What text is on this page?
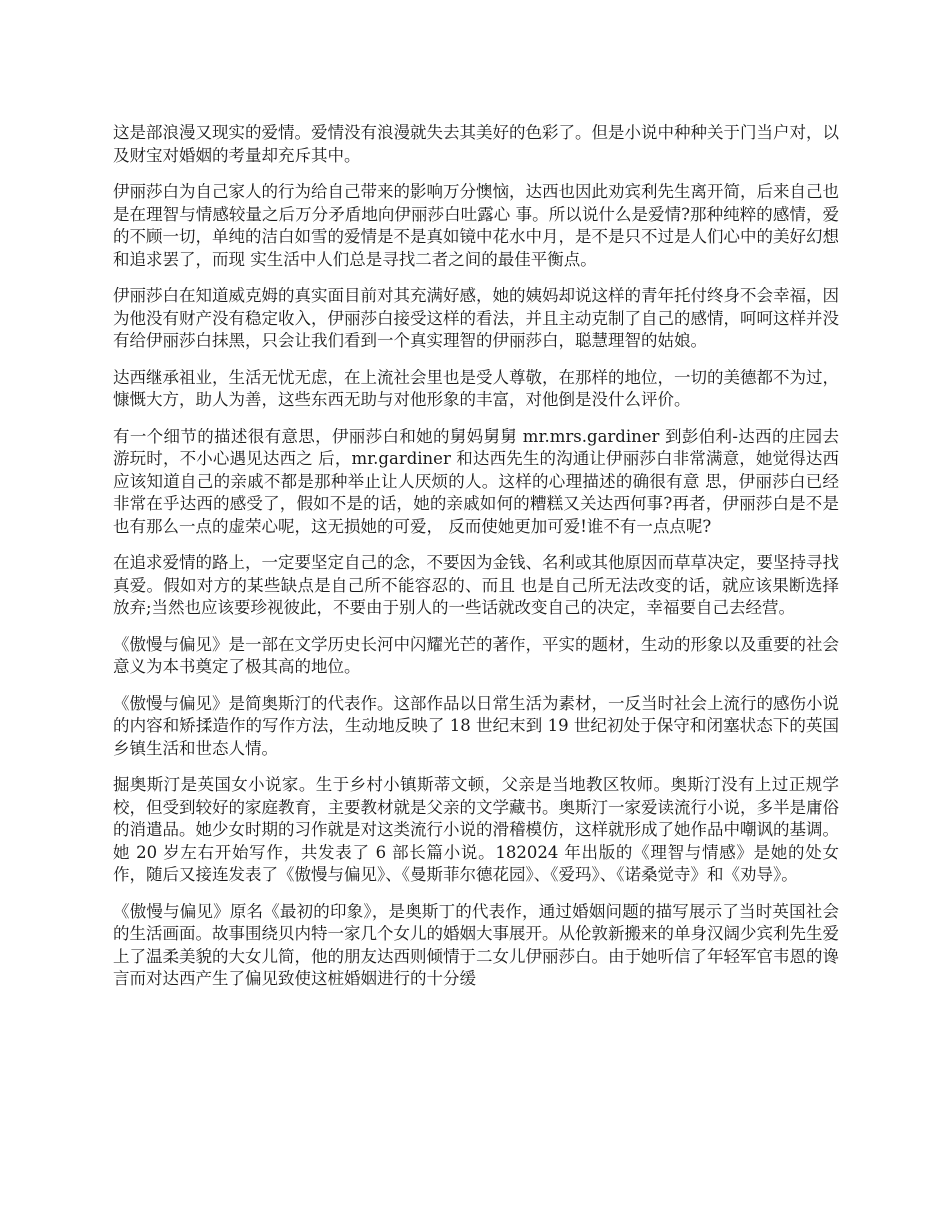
这是部浪漫又现实的爱情。爱情没有浪漫就失去其美好的色彩了。但是小说中种种关于门当户对，以及财宝对婚姻的考量却充斥其中。

伊丽莎白为自己家人的行为给自己带来的影响万分懊恼，达西也因此劝宾利先生离开简，后来自己也是在理智与情感较量之后万分矛盾地向伊丽莎白吐露心 事。所以说什么是爱情?那种纯粹的感情，爱的不顾一切，单纯的洁白如雪的爱情是不是真如镜中花水中月，是不是只不过是人们心中的美好幻想和追求罢了，而现 实生活中人们总是寻找二者之间的最佳平衡点。

伊丽莎白在知道威克姆的真实面目前对其充满好感，她的姨妈却说这样的青年托付终身不会幸福，因为他没有财产没有稳定收入，伊丽莎白接受这样的看法，并且主动克制了自己的感情，呵呵这样并没有给伊丽莎白抹黑，只会让我们看到一个真实理智的伊丽莎白，聪慧理智的姑娘。

达西继承祖业，生活无忧无虑，在上流社会里也是受人尊敬，在那样的地位，一切的美德都不为过，慷慨大方，助人为善，这些东西无助与对他形象的丰富，对他倒是没什么评价。

有一个细节的描述很有意思，伊丽莎白和她的舅妈舅舅 mr.mrs.gardiner 到彭伯利-达西的庄园去游玩时，不小心遇见达西之 后，mr.gardiner 和达西先生的沟通让伊丽莎白非常满意，她觉得达西应该知道自己的亲戚不都是那种举止让人厌烦的人。这样的心理描述的确很有意 思，伊丽莎白已经非常在乎达西的感受了，假如不是的话，她的亲戚如何的糟糕又关达西何事?再者，伊丽莎白是不是也有那么一点的虚荣心呢，这无损她的可爱， 反而使她更加可爱!谁不有一点点呢?

在追求爱情的路上，一定要坚定自己的念，不要因为金钱、名利或其他原因而草草决定，要坚持寻找真爱。假如对方的某些缺点是自己所不能容忍的、而且 也是自己所无法改变的话，就应该果断选择放弃;当然也应该要珍视彼此，不要由于别人的一些话就改变自己的决定，幸福要自己去经营。

《傲慢与偏见》是一部在文学历史长河中闪耀光芒的著作，平实的题材，生动的形象以及重要的社会意义为本书奠定了极其高的地位。

《傲慢与偏见》是简奥斯汀的代表作。这部作品以日常生活为素材，一反当时社会上流行的感伤小说的内容和矫揉造作的写作方法，生动地反映了 18 世纪末到 19 世纪初处于保守和闭塞状态下的英国乡镇生活和世态人情。

掘奥斯汀是英国女小说家。生于乡村小镇斯蒂文顿，父亲是当地教区牧师。奥斯汀没有上过正规学校，但受到较好的家庭教育，主要教材就是父亲的文学藏书。奥斯汀一家爱读流行小说，多半是庸俗的消遣品。她少女时期的习作就是对这类流行小说的滑稽模仿，这样就形成了她作品中嘲讽的基调。她 20 岁左右开始写作，共发表了 6 部长篇小说。182024 年出版的《理智与情感》是她的处女作，随后又接连发表了《傲慢与偏见》、《曼斯菲尔德花园》、《爱玛》、《诺桑觉寺》和《劝导》。

《傲慢与偏见》原名《最初的印象》，是奥斯丁的代表作，通过婚姻问题的描写展示了当时英国社会的生活画面。故事围绕贝内特一家几个女儿的婚姻大事展开。从伦敦新搬来的单身汉阔少宾利先生爱上了温柔美貌的大女儿简，他的朋友达西则倾情于二女儿伊丽莎白。由于她听信了年轻军官韦恩的谗言而对达西产生了偏见致使这桩婚姻进行的十分缓
